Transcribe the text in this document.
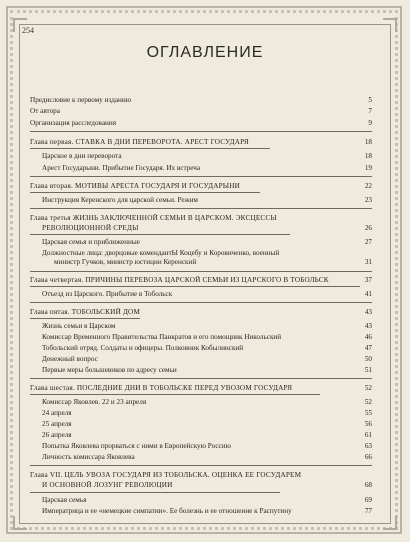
254
ОГЛАВЛЕНИЕ
Предисловие к первому изданию	5
От автора	7
Организация расследования	9
Глава первая. СТАВКА В ДНИ ПЕРЕВОРОТА. АРЕСТ ГОСУДАРЯ	18
Царское в дни переворота	18
Арест Государыни. Прибытие Государя. Их встреча	19
Глава вторая. МОТИВЫ АРЕСТА ГОСУДАРЯ И ГОСУДАРЫНИ	22
Инструкция Керенского для царской семьи. Режим	23
Глава третья ЖИЗНЬ ЗАКЛЮЧЕННОЙ СЕМЬИ В ЦАРСКОМ. ЭКСЦЕССЫ
РЕВОЛЮЦИОННОЙ СРЕДЫ	26
Царская семья и приближенные	27
Должностные лица: дворцовые комендантЫ Коцебу и Коровиченко, военный
министр Гучков, министр юстиции Керенский	31
Глава четвертая. ПРИЧИНЫ ПЕРЕВОЗА ЦАРСКОЙ СЕМЬИ ИЗ ЦАРСКОГО В ТОБОЛЬСК	37
Отъезд из Царского. Прибытие в Тобольск	41
Глава пятая. ТОБОЛЬСКИЙ ДОМ	43
Жизнь семьи в Царском	43
Комиссар Временного Правительства Панкратов и его помощник Никольский	46
Тобольский отряд. Солдаты и офицеры. Полковник Кобылинский	47
Денежный вопрос	50
Первые меры большевиков по адресу семьи	51
Глава шестая. ПОСЛЕДНИЕ ДНИ В ТОБОЛЬСКЕ ПЕРЕД УВОЗОМ ГОСУДАРЯ	52
Комиссар Яковлев. 22 и 23 апреля	52
24 апреля	55
25 апреля	56
26 апреля	61
Попытка Яковлева прорваться с ними в Европейскую Россию	63
Личность комиссара Яковлева	66
Глава VII. ЦЕЛЬ УВОЗА ГОСУДАРЯ ИЗ ТОБОЛЬСКА. ОЦЕНКА ЕЕ ГОСУДАРЕМ
И ОСНОВНОЙ ЛОЗУНГ РЕВОЛЮЦИИ	68
Царская семья	69
Императрица и ее «немецкие симпатии». Ее болезнь и ее отношение к Распутину	77
